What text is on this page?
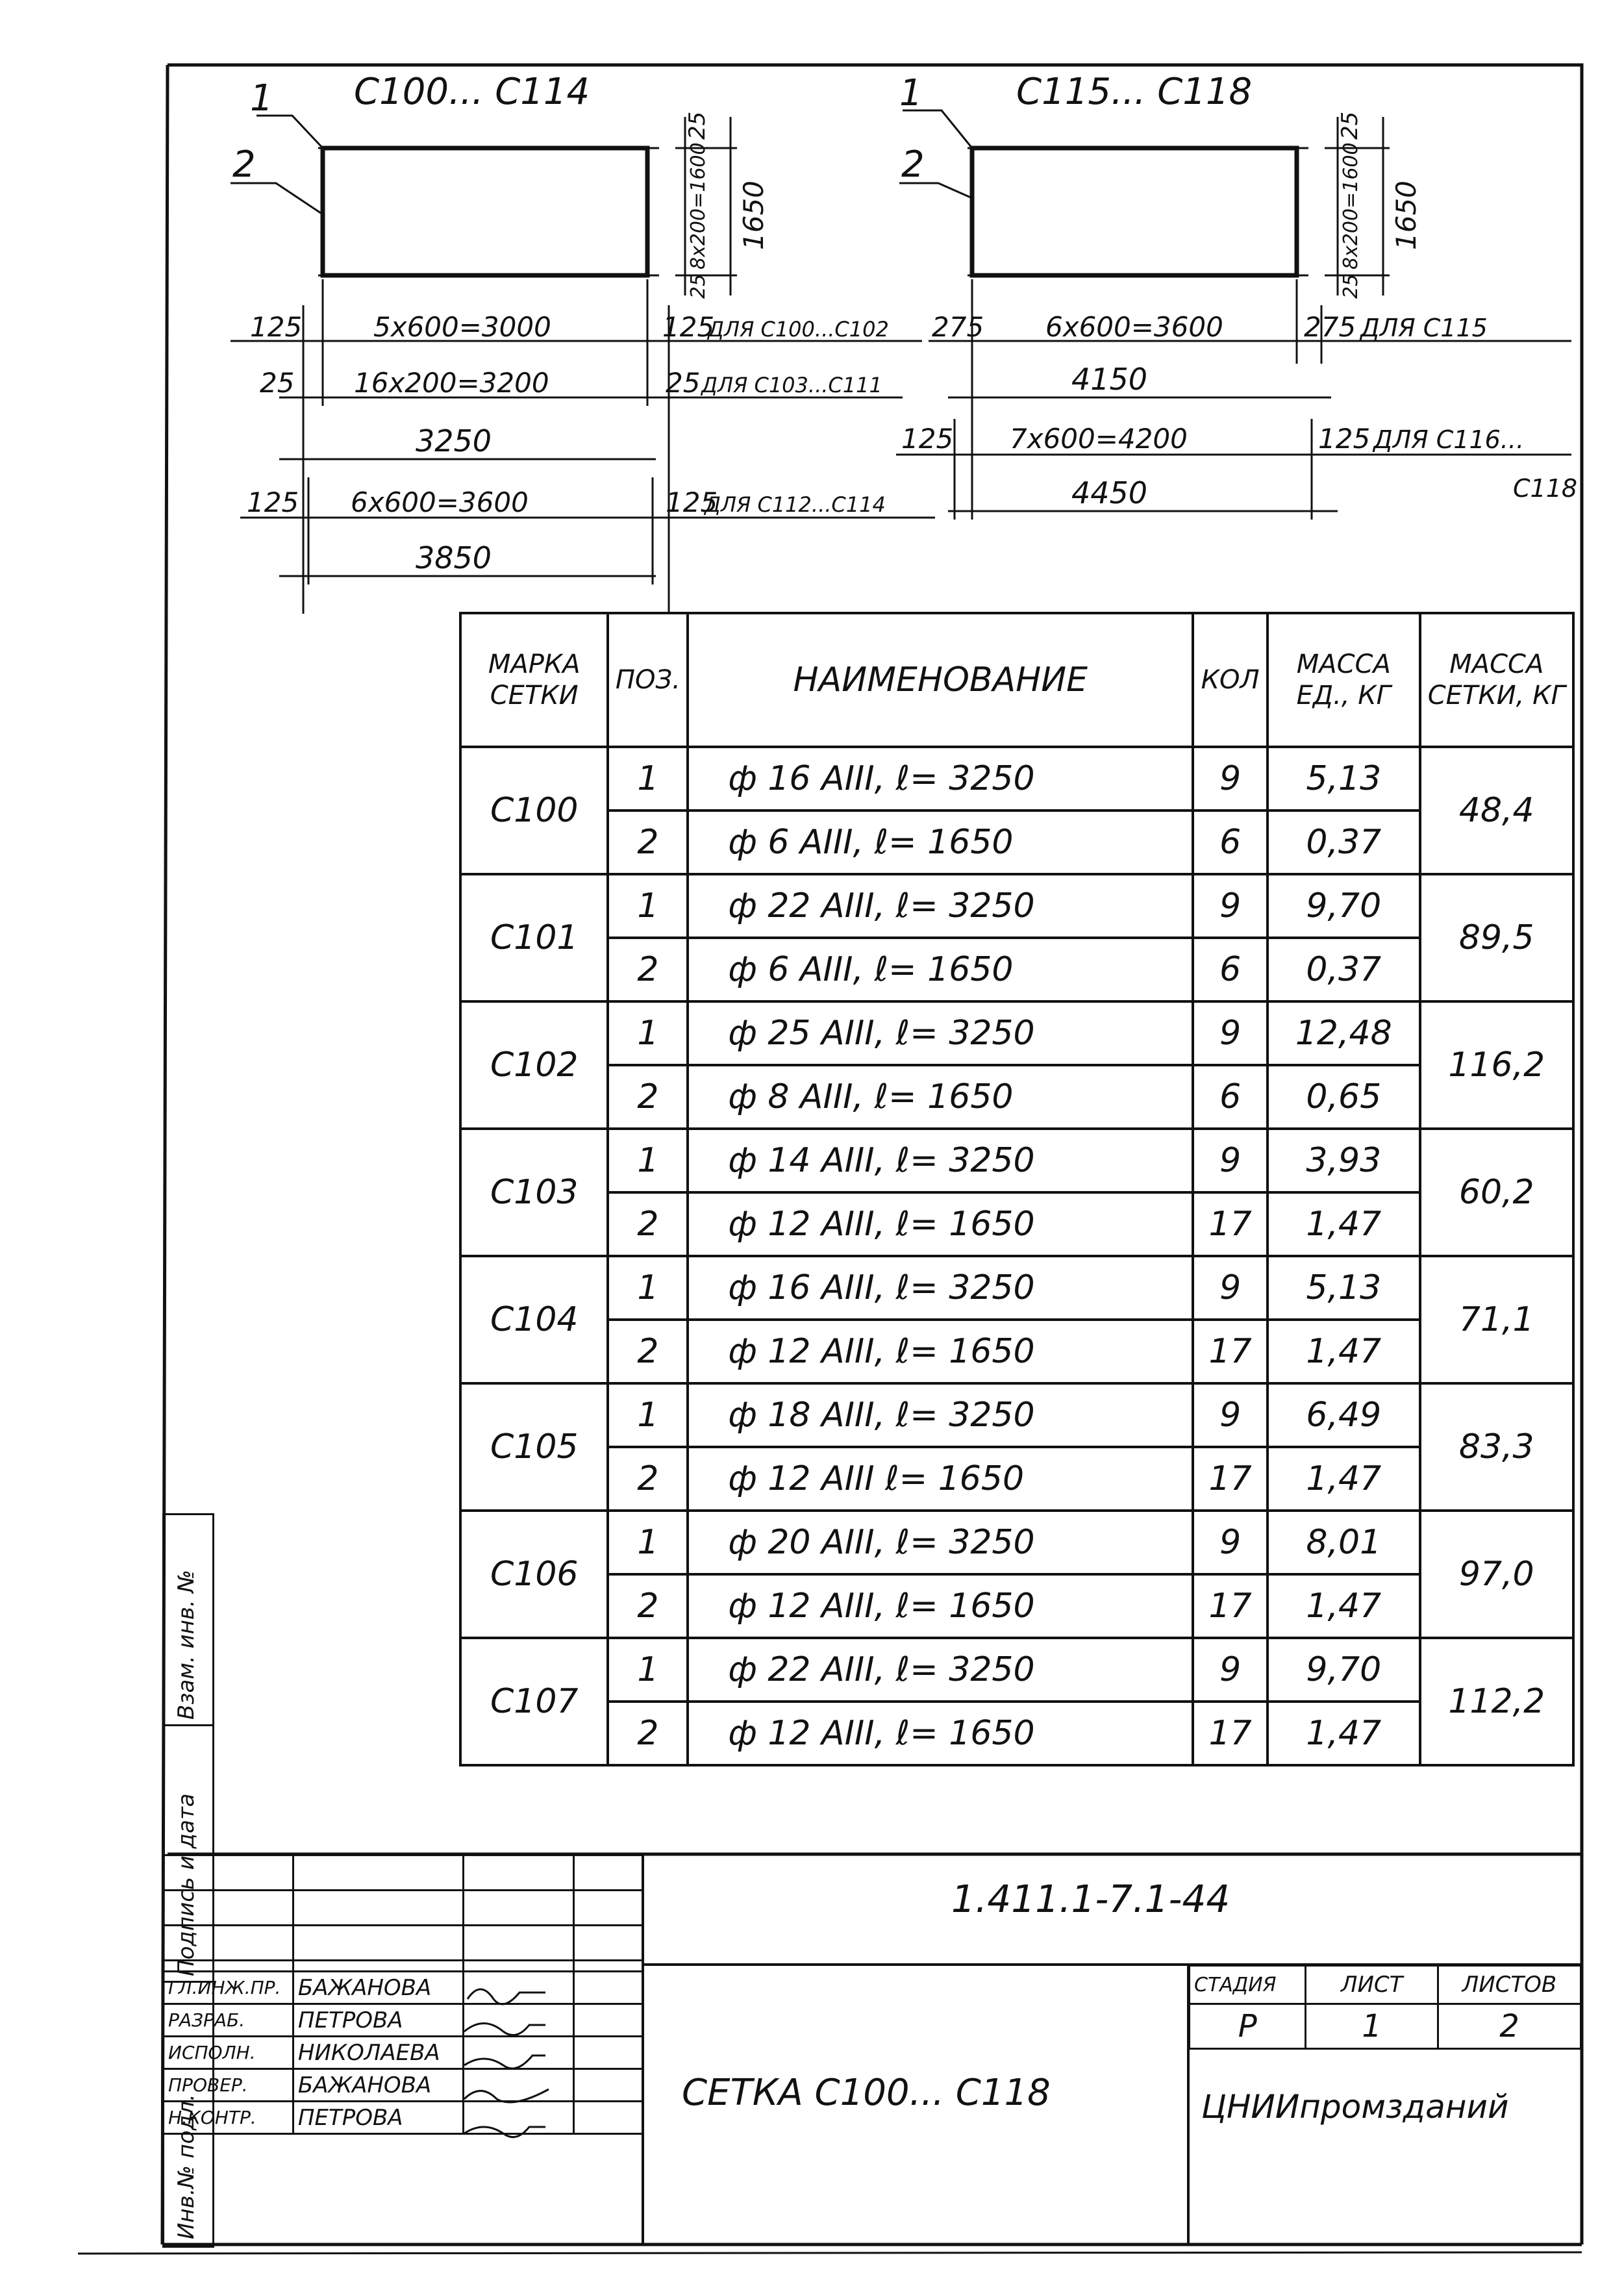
С100... С114
1
2
25
8x200=1600 1650
25
125	5х600=3000	125
ДЛЯ С100...С102
25 16х200=3200	25 ДЛЯ С103...С111
3250
125 6х600=3600	125
ДЛЯ С112...С114
3850
С115... С118
1
2
25
8х200=1600 1650
25
275 6х600=3600	275 ДЛЯ С115
4150
125 7х600=4200	125 ДЛЯ С116...
4450	С118
МАРКА СЕТКИ	ПОЗ.	НАИМЕНОВАНИЕ	КОЛ	МАССА ЕД., КГ	МАССА СЕТКИ, КГ
С100	1	ф 16 АIII, ℓ= 3250	9	5,13	48,4
	2	ф 6 АIII, ℓ= 1650	6	0,37	
С101	1	ф 22 АIII, ℓ= 3250	9	9,70	89,5
	2	ф 6 АIII, ℓ= 1650	6	0,37	
С102	1	ф 25 АIII, ℓ= 3250	9	12,48	116,2
	2	ф 8 АIII, ℓ= 1650	6	0,65	
С103	1	ф 14 АIII, ℓ= 3250	9	3,93	60,2
	2	ф 12 АIII, ℓ= 1650	17	1,47	
С104	1	ф 16 АIII, ℓ= 3250	9	5,13	71,1
	2	ф 12 АIII, ℓ= 1650	17	1,47	
С105	1	ф 18 АIII, ℓ= 3250	9	6,49	83,3
	2	ф 12 АIII ℓ= 1650	17	1,47	
С106	1	ф 20 АIII, ℓ= 3250	9	8,01	97,0
	2	ф 12 АIII, ℓ= 1650	17	1,47	
С107	1	ф 22 АIII, ℓ= 3250	9	9,70	112,2
	2	ф 12 АIII, ℓ= 1650	17	1,47	

ГЛ.ИНЖ.ПР.	БАЖАНОВА		
РАЗРАБ.	ПЕТРОВА		
ИСПОЛН.	НИКОЛАЕВА		
ПРОВЕР.	БАЖАНОВА		
Н.КОНТР.	ПЕТРОВА		
1.411.1-7.1-44
СЕТКА С100... С118
СТАДИЯ	ЛИСТ	ЛИСТОВ
Р	1	2
ЦНИИпромзданий
Инв.№ подл.
Подпись и дата
Взам. инв. №
